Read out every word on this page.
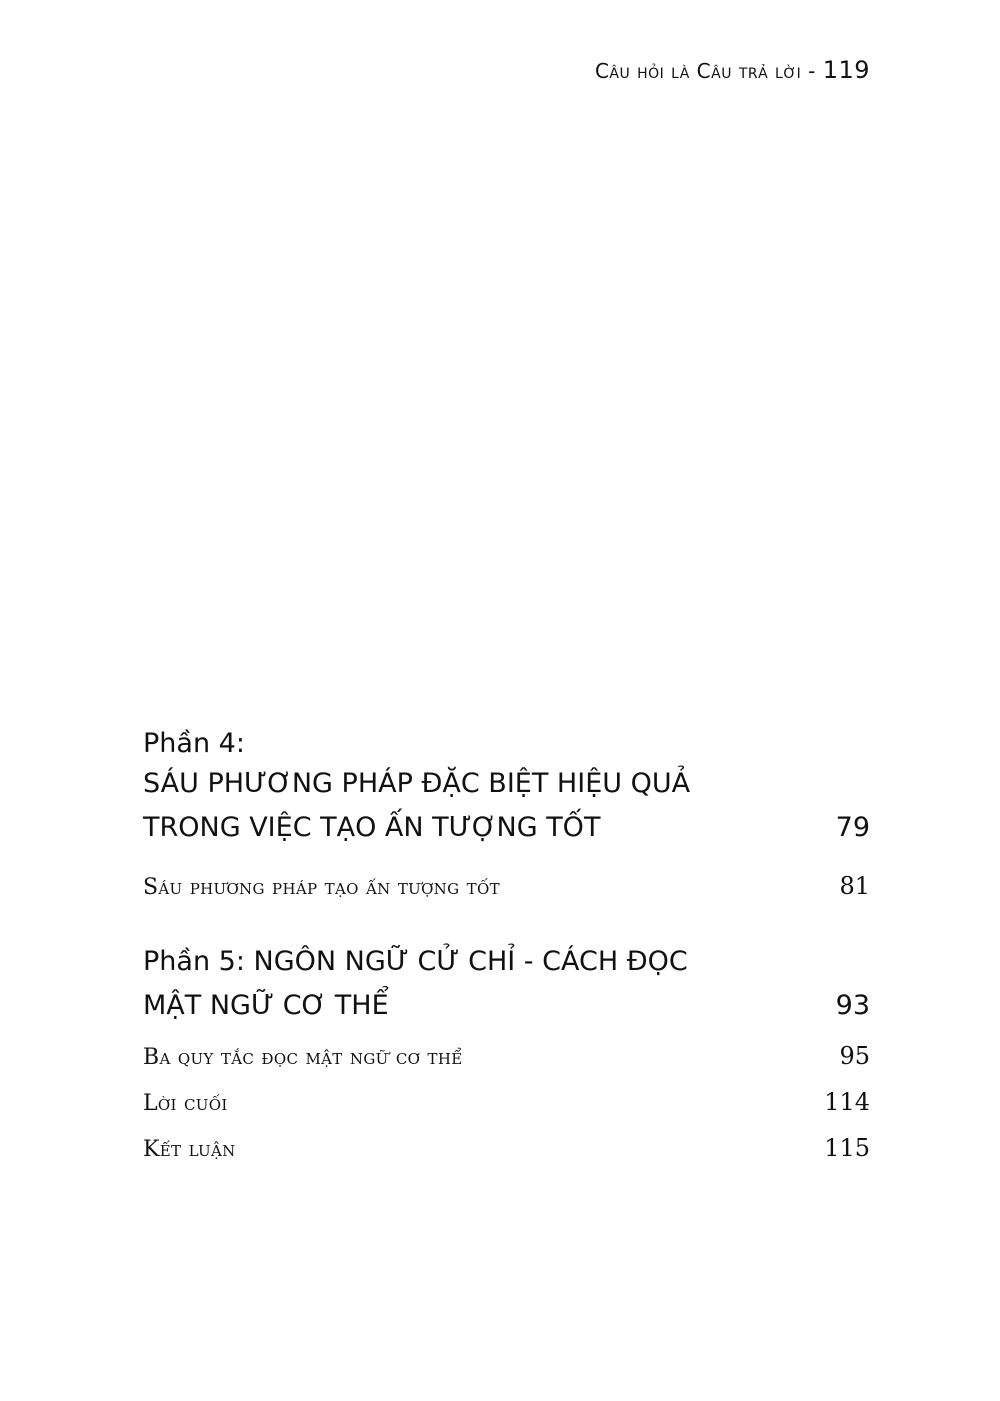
Câu hỏi là Câu trả lời - 119
Phần 4:
SÁU PHƯƠNG PHÁP ĐẶC BIỆT HIỆU QUẢ
TRONG VIỆC TẠO ẤN TƯỢNG TỐT	79
Sáu phương pháp tạo ấn tượng tốt	81
Phần 5: NGÔN NGỮ CỬ CHỈ - CÁCH ĐỌC
MẬT NGỮ CƠ THỂ	93
Ba quy tắc đọc mật ngữ cơ thể	95
Lời cuối	114
Kết luận	115
